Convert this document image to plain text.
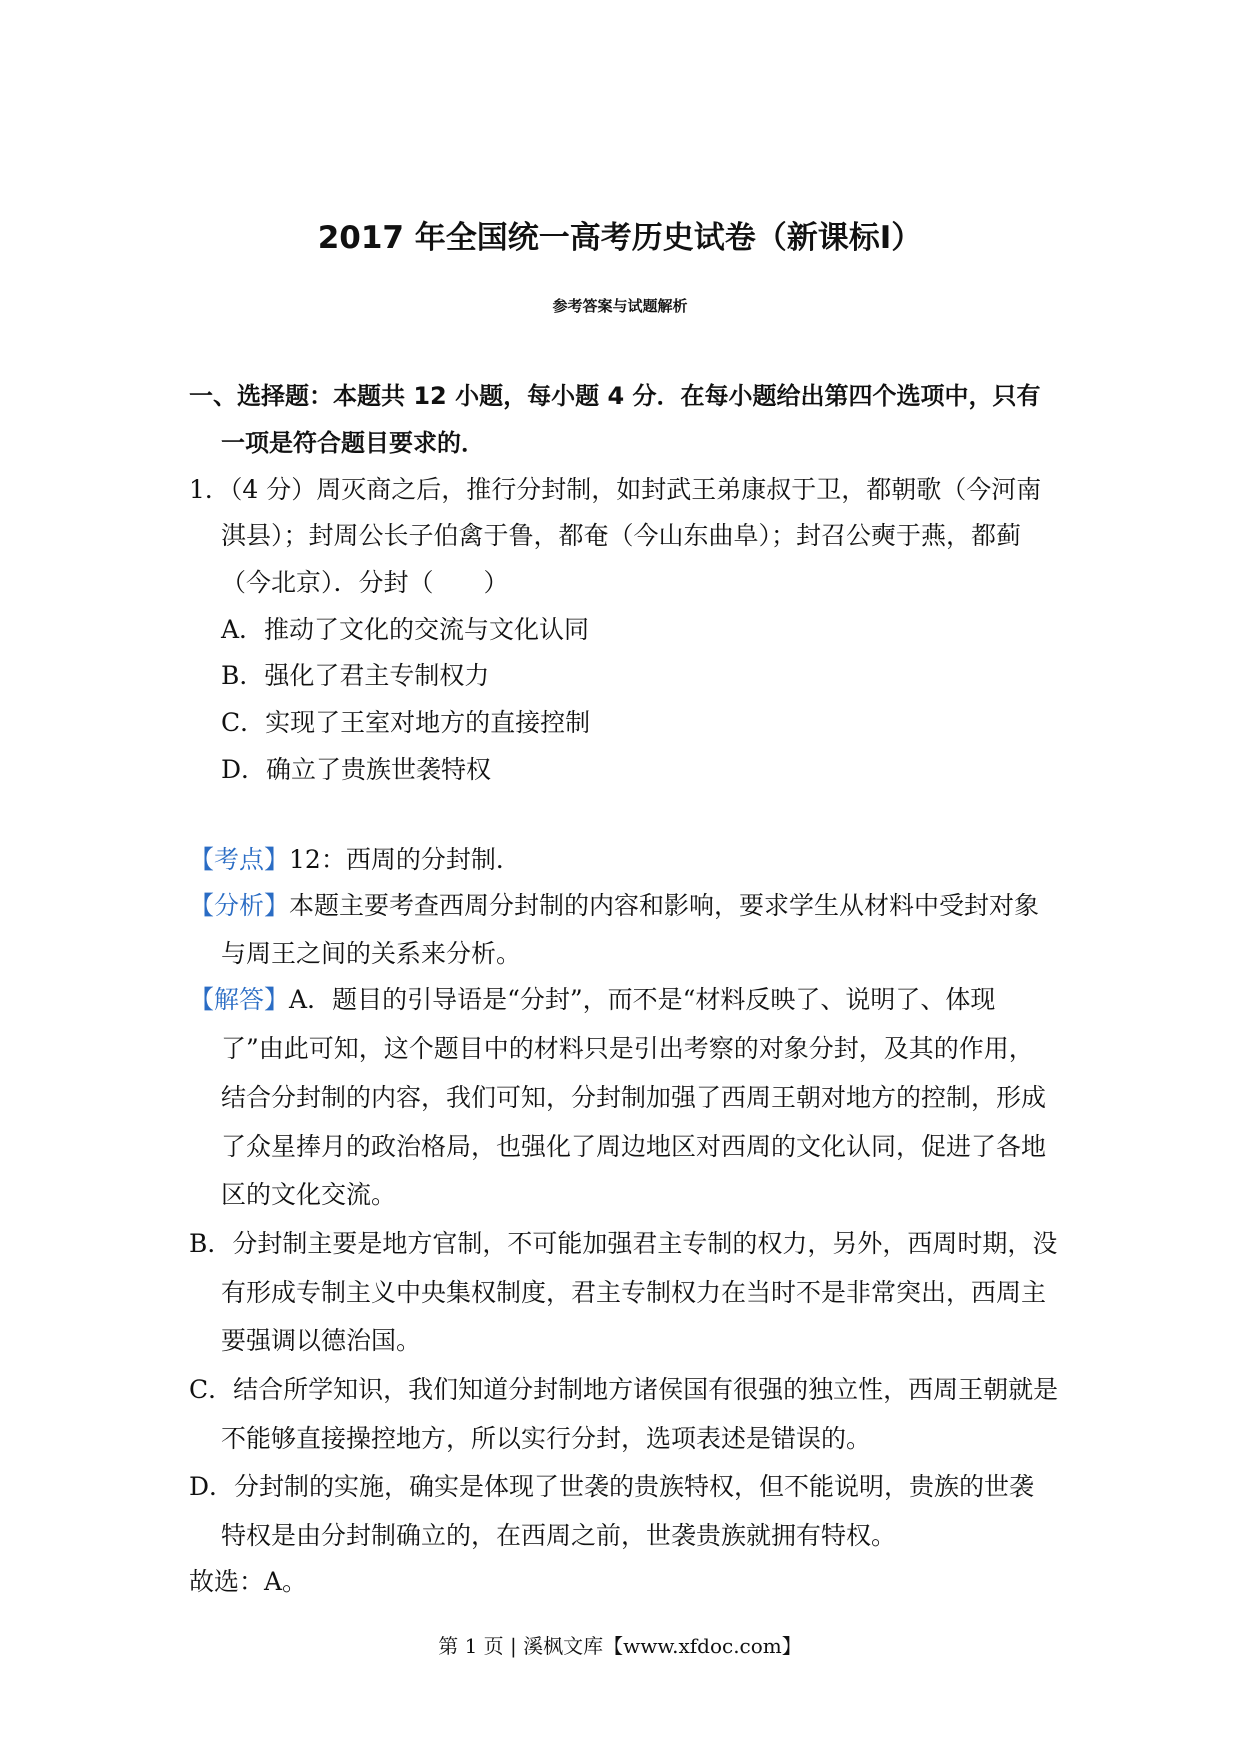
2017 年全国统一高考历史试卷（新课标Ⅰ）
参考答案与试题解析
一、选择题：本题共 12 小题，每小题 4 分．在每小题给出第四个选项中，只有
一项是符合题目要求的．
1．（4 分）周灭商之后，推行分封制，如封武王弟康叔于卫，都朝歌（今河南
淇县）；封周公长子伯禽于鲁，都奄（今山东曲阜）；封召公奭于燕，都蓟
（今北京）．分封（　　）
A．推动了文化的交流与文化认同
B．强化了君主专制权力
C．实现了王室对地方的直接控制
D．确立了贵族世袭特权
【考点】12：西周的分封制．
【分析】本题主要考查西周分封制的内容和影响，要求学生从材料中受封对象
与周王之间的关系来分析。
【解答】A．题目的引导语是“分封”，而不是“材料反映了、说明了、体现
了”由此可知，这个题目中的材料只是引出考察的对象分封，及其的作用，
结合分封制的内容，我们可知，分封制加强了西周王朝对地方的控制，形成
了众星捧月的政治格局，也强化了周边地区对西周的文化认同，促进了各地
区的文化交流。
B．分封制主要是地方官制，不可能加强君主专制的权力，另外，西周时期，没
有形成专制主义中央集权制度，君主专制权力在当时不是非常突出，西周主
要强调以德治国。
C．结合所学知识，我们知道分封制地方诸侯国有很强的独立性，西周王朝就是
不能够直接操控地方，所以实行分封，选项表述是错误的。
D．分封制的实施，确实是体现了世袭的贵族特权，但不能说明，贵族的世袭
特权是由分封制确立的，在西周之前，世袭贵族就拥有特权。
故选：A。
第 1 页 | 溪枫文库【www.xfdoc.com】
